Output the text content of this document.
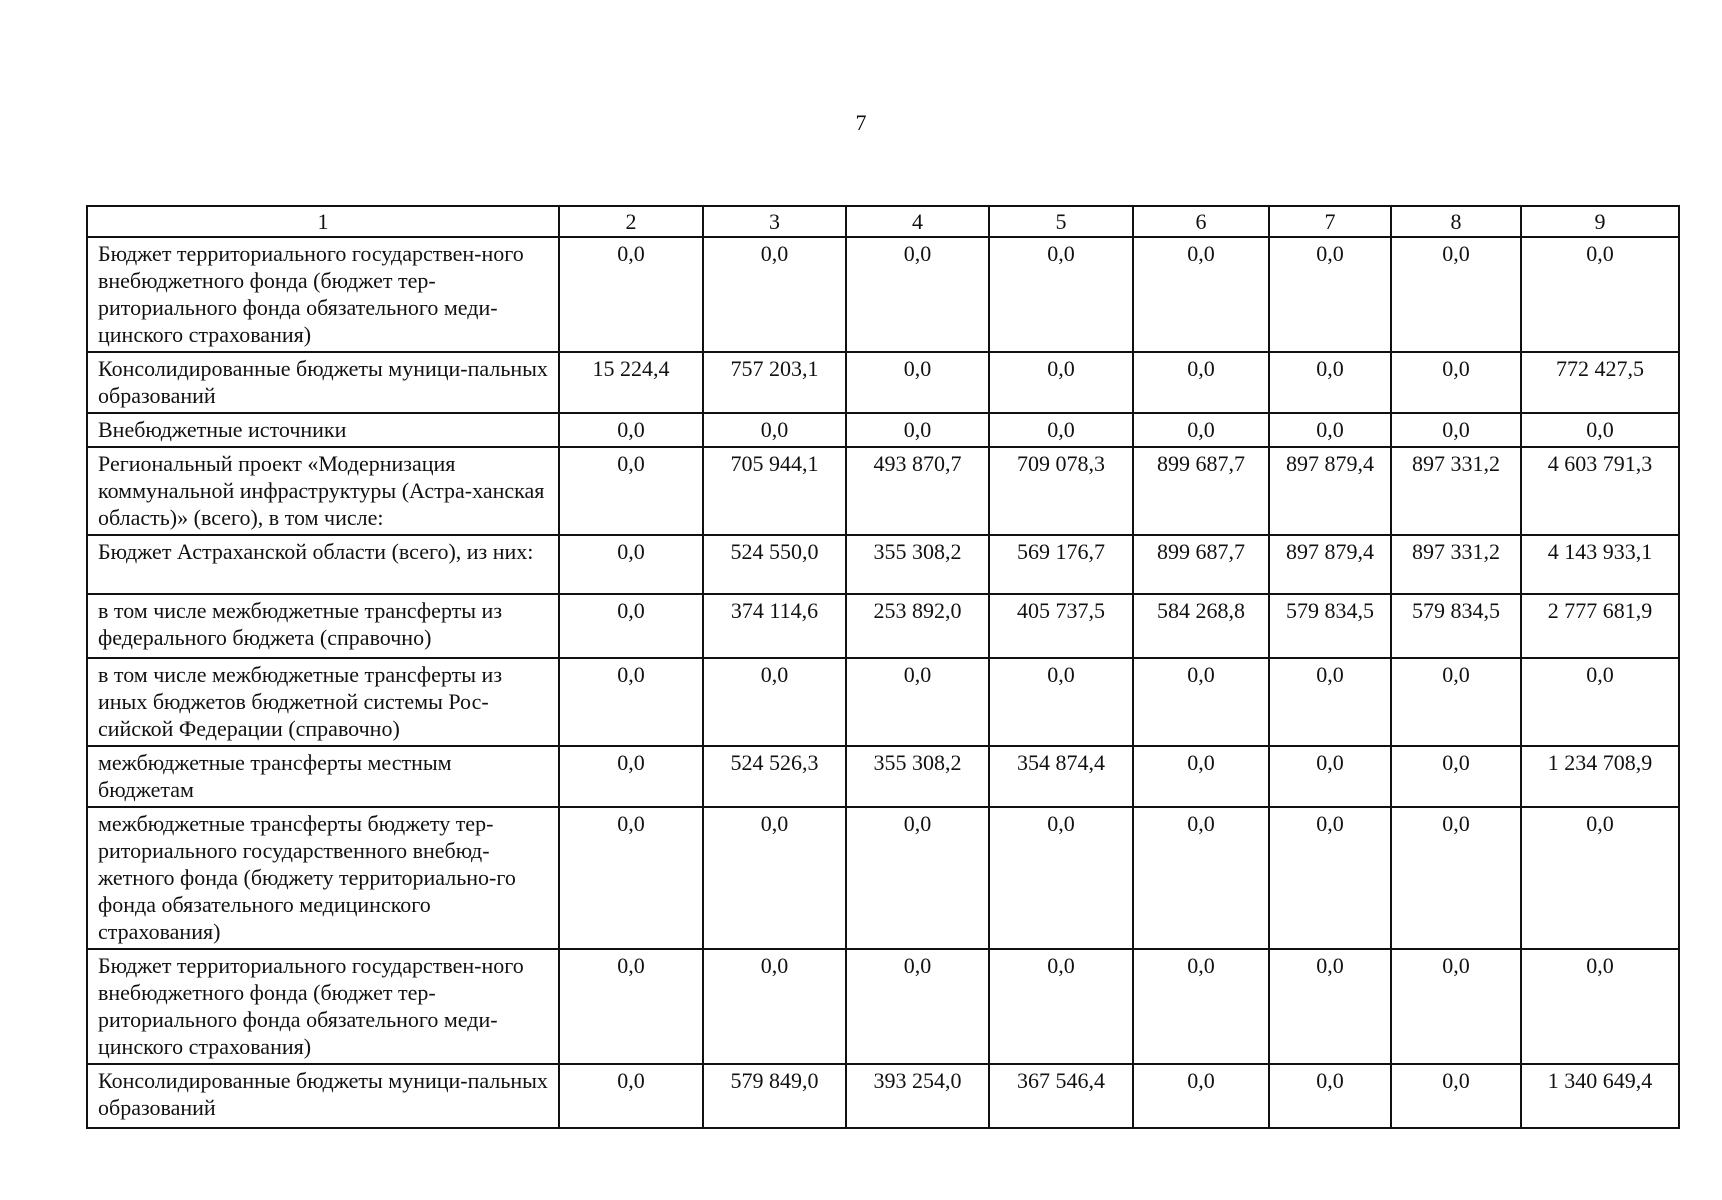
7
1	2	3	4	5	6	7	8	9
Бюджет территориального государствен-ного внебюджетного фонда (бюджет тер-риториального фонда обязательного меди-цинского страхования)	0,0	0,0	0,0	0,0	0,0	0,0	0,0	0,0
Консолидированные бюджеты муници-пальных образований	15 224,4	757 203,1	0,0	0,0	0,0	0,0	0,0	772 427,5
Внебюджетные источники	0,0	0,0	0,0	0,0	0,0	0,0	0,0	0,0
Региональный проект «Модернизация коммунальной инфраструктуры (Астра-ханская область)» (всего), в том числе:	0,0	705 944,1	493 870,7	709 078,3	899 687,7	897 879,4	897 331,2	4 603 791,3
Бюджет Астраханской области (всего), из них:	0,0	524 550,0	355 308,2	569 176,7	899 687,7	897 879,4	897 331,2	4 143 933,1
в том числе межбюджетные трансферты из федерального бюджета (справочно)	0,0	374 114,6	253 892,0	405 737,5	584 268,8	579 834,5	579 834,5	2 777 681,9
в том числе межбюджетные трансферты из иных бюджетов бюджетной системы Рос-сийской Федерации (справочно)	0,0	0,0	0,0	0,0	0,0	0,0	0,0	0,0
межбюджетные трансферты местным бюджетам	0,0	524 526,3	355 308,2	354 874,4	0,0	0,0	0,0	1 234 708,9
межбюджетные трансферты бюджету тер-риториального государственного внебюд-жетного фонда (бюджету территориально-го фонда обязательного медицинского страхования)	0,0	0,0	0,0	0,0	0,0	0,0	0,0	0,0
Бюджет территориального государствен-ного внебюджетного фонда (бюджет тер-риториального фонда обязательного меди-цинского страхования)	0,0	0,0	0,0	0,0	0,0	0,0	0,0	0,0
Консолидированные бюджеты муници-пальных образований	0,0	579 849,0	393 254,0	367 546,4	0,0	0,0	0,0	1 340 649,4
